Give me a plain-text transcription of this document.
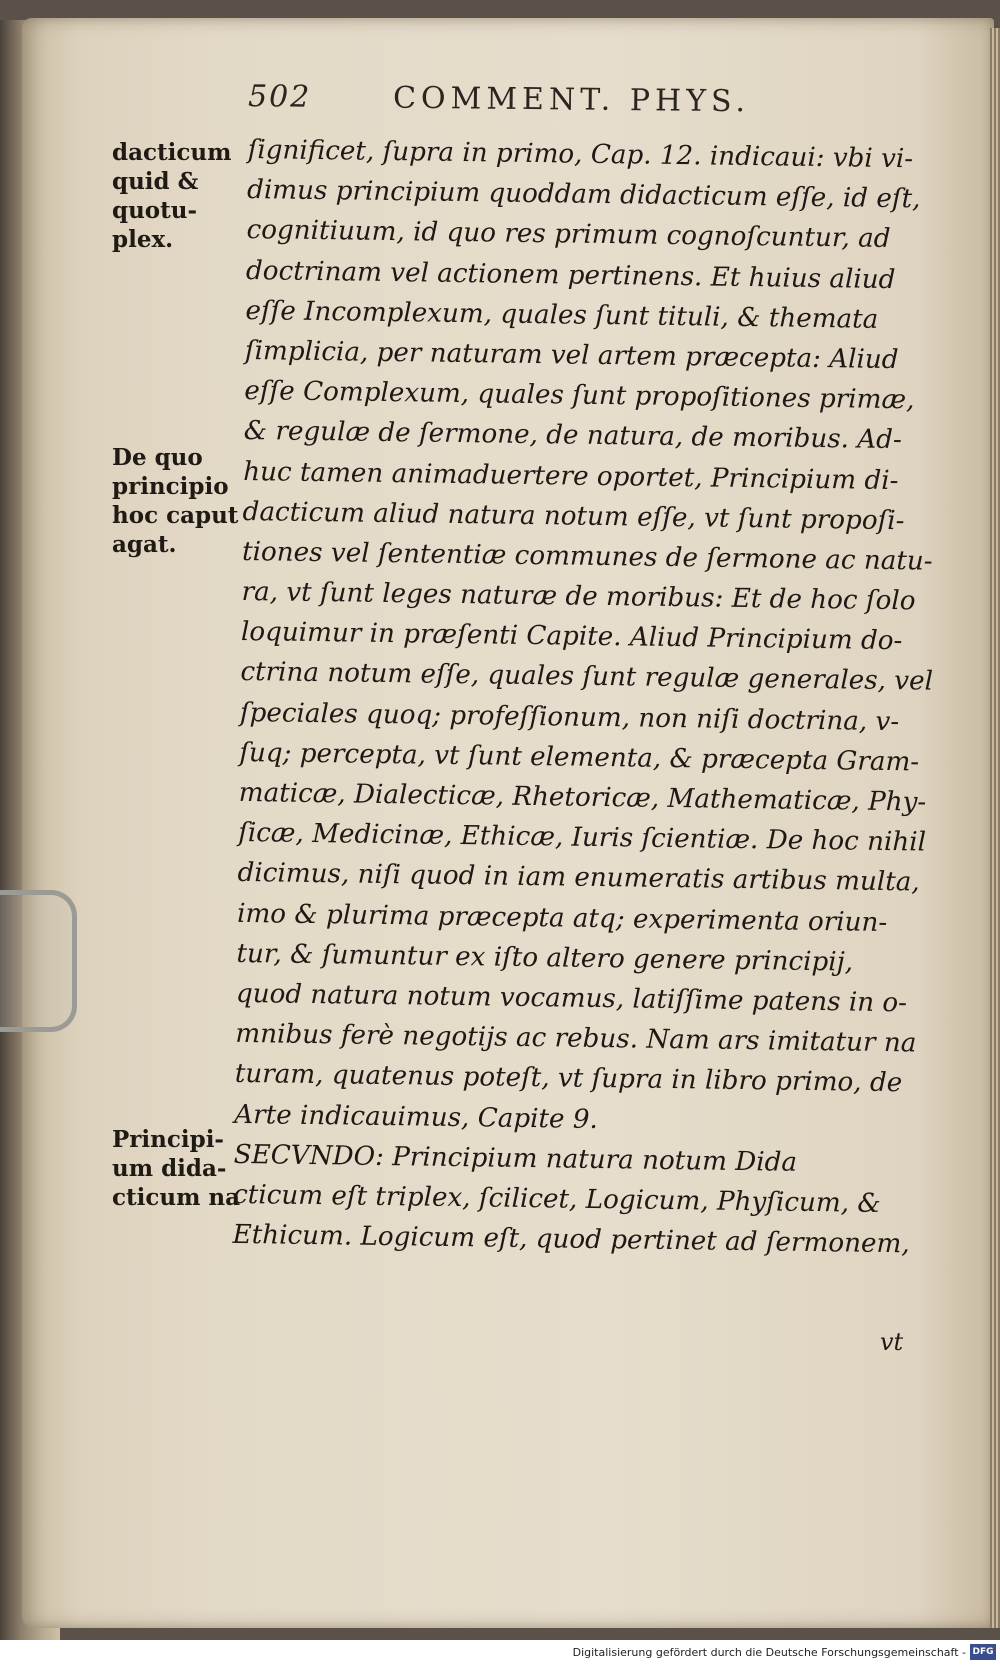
502	COMMENT. PHYS.
dacticum
quid &
quotu-
plex.
De quo
principio
hoc caput
agat.
Principi-
um dida-
cticum na
ſignificet, ſupra in primo, Cap. 12. indicaui: vbi vi-
dimus principium quoddam didacticum eſſe, id eſt,
cognitiuum, id quo res primum cognoſcuntur, ad
doctrinam vel actionem pertinens. Et huius aliud
eſſe Incomplexum, quales ſunt tituli, & themata
ſimplicia, per naturam vel artem præcepta: Aliud
eſſe Complexum, quales ſunt propoſitiones primæ,
& regulæ de ſermone, de natura, de moribus. Ad-
huc tamen animaduertere oportet, Principium di-
dacticum aliud natura notum eſſe, vt ſunt propoſi-
tiones vel ſententiæ communes de ſermone ac natu-
ra, vt ſunt leges naturæ de moribus: Et de hoc ſolo
loquimur in præſenti Capite. Aliud Principium do-
ctrina notum eſſe, quales ſunt regulæ generales, vel
ſpeciales quoq; profeſſionum, non niſi doctrina, v-
ſuq; percepta, vt ſunt elementa, & præcepta Gram-
maticæ, Dialecticæ, Rhetoricæ, Mathematicæ, Phy-
ſicæ, Medicinæ, Ethicæ, Iuris ſcientiæ. De hoc nihil
dicimus, niſi quod in iam enumeratis artibus multa,
imo & plurima præcepta atq; experimenta oriun-
tur, & ſumuntur ex iſto altero genere principij,
quod natura notum vocamus, latiſſime patens in o-
mnibus ferè negotijs ac rebus. Nam ars imitatur na
turam, quatenus poteſt, vt ſupra in libro primo, de
Arte indicauimus, Capite 9.
SECVNDO: Principium natura notum Dida
cticum eſt triplex, ſcilicet, Logicum, Phyſicum, &
Ethicum. Logicum eſt, quod pertinet ad ſermonem,
vt
Digitalisierung gefördert durch die Deutsche Forschungsgemeinschaft - DFG
